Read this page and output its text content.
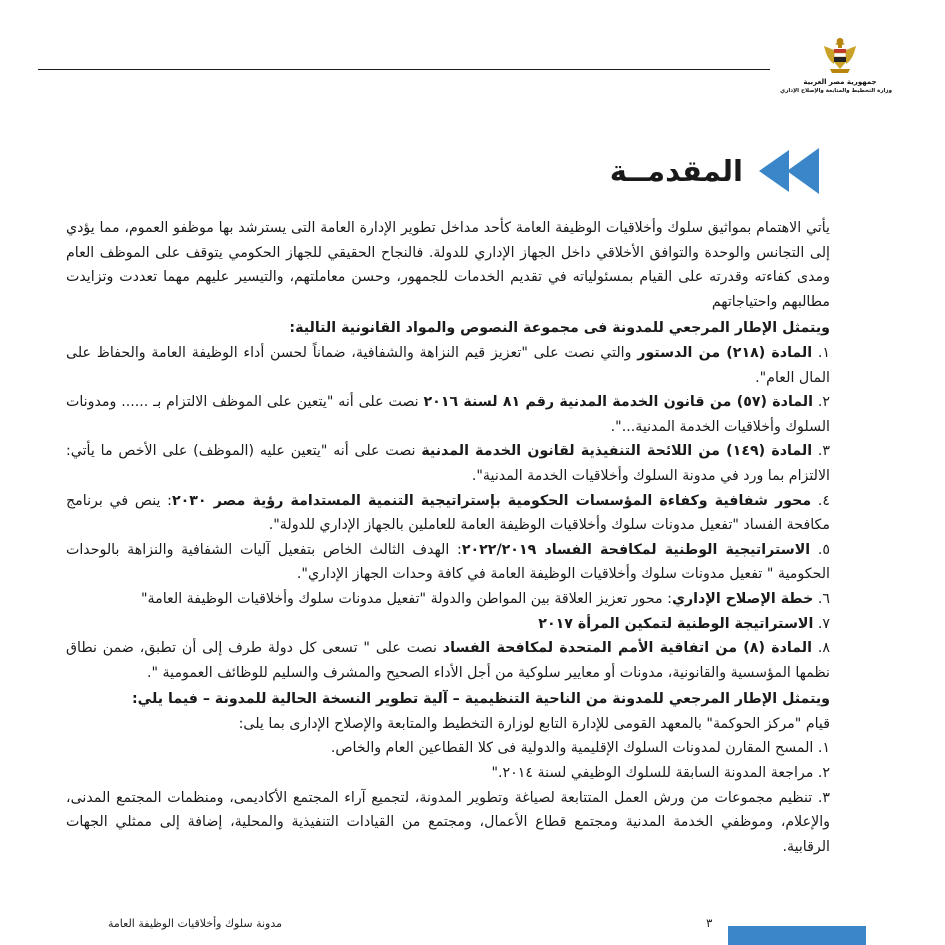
جمهورية مصر العربية
وزارة التخطيط والمتابعة والإصلاح الإداري
المقدمــة

يأتي الاهتمام بمواثيق سلوك وأخلاقيات الوظيفة العامة كأحد مداخل تطوير الإدارة العامة التى يسترشد بها موظفو العموم، مما يؤدي إلى التجانس والوحدة والتوافق الأخلاقي داخل الجهاز الإداري للدولة. فالنجاح الحقيقي للجهاز الحكومي يتوقف على الموظف العام ومدى كفاءته وقدرته على القيام بمسئولياته في تقديم الخدمات للجمهور، وحسن معاملتهم، والتيسير عليهم مهما تعددت وتزايدت مطالبهم واحتياجاتهم

ويتمثل الإطار المرجعي للمدونة فى مجموعة النصوص والمواد القانونية التالية:

١. المادة (٢١٨) من الدستور والتي نصت على "تعزيز قيم النزاهة والشفافية، ضماناً لحسن أداء الوظيفة العامة والحفاظ على المال العام".

٢. المادة (٥٧) من قانون الخدمة المدنية رقم ٨١ لسنة ٢٠١٦ نصت على أنه "يتعين على الموظف الالتزام بـ ...... ومدونات السلوك وأخلاقيات الخدمة المدنية...".

٣. المادة (١٤٩) من اللائحة التنفيذية لقانون الخدمة المدنية نصت على أنه "يتعين عليه (الموظف) على الأخص ما يأتي: الالتزام بما ورد في مدونة السلوك وأخلاقيات الخدمة المدنية".

٤. محور شفافية وكفاءة المؤسسات الحكومية بإستراتيجية التنمية المستدامة رؤية مصر ٢٠٣٠: ينص في برنامج مكافحة الفساد "تفعيل مدونات سلوك وأخلاقيات الوظيفة العامة للعاملين بالجهاز الإداري للدولة".

٥. الاستراتيجية الوطنية لمكافحة الفساد ٢٠٢٢/٢٠١٩: الهدف الثالث الخاص بتفعيل آليات الشفافية والنزاهة بالوحدات الحكومية " تفعيل مدونات سلوك وأخلاقيات الوظيفة العامة في كافة وحدات الجهاز الإداري".

٦. خطة الإصلاح الإداري: محور تعزيز العلاقة بين المواطن والدولة "تفعيل مدونات سلوك وأخلاقيات الوظيفة العامة"

٧. الاستراتيجة الوطنية لتمكين المرأة ٢٠١٧

٨. المادة (٨) من اتفاقية الأمم المتحدة لمكافحة الفساد نصت على " تسعى كل دولة طرف إلى أن تطبق، ضمن نطاق نظمها المؤسسية والقانونية، مدونات أو معايير سلوكية من أجل الأداء الصحيح والمشرف والسليم للوظائف العمومية ".

ويتمثل الإطار المرجعي للمدونة من الناحية التنظيمية – آلية تطوير النسخة الحالية للمدونة – فيما يلي:

قيام "مركز الحوكمة" بالمعهد القومى للإدارة التابع لوزارة التخطيط والمتابعة والإصلاح الإدارى بما يلى:

١. المسح المقارن لمدونات السلوك الإقليمية والدولية فى كلا القطاعين العام والخاص.

٢. مراجعة المدونة السابقة للسلوك الوظيفي لسنة ٢٠١٤."

٣. تنظيم مجموعات من ورش العمل المتتابعة لصياغة وتطوير المدونة، لتجميع آراء المجتمع الأكاديمى، ومنظمات المجتمع المدنى، والإعلام، وموظفي الخدمة المدنية ومجتمع قطاع الأعمال، ومجتمع من القيادات التنفيذية والمحلية، إضافة إلى ممثلي الجهات الرقابية.

مدونة سلوك وأخلاقيات الوظيفة العامة	٣
